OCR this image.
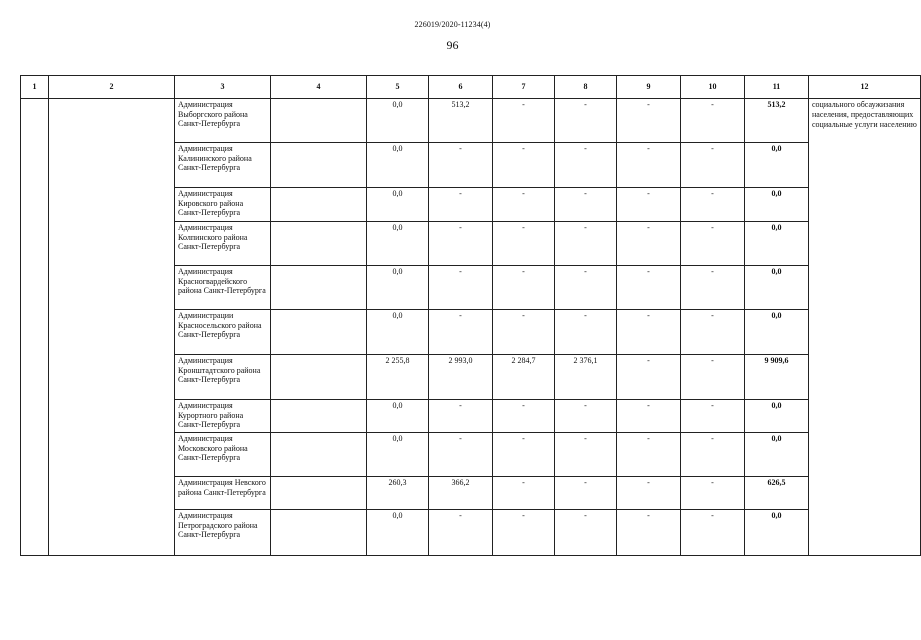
226019/2020-11234(4)
96
1	2	3	4	5	6	7	8	9	10	11	12
		Администрация Выборгского района Санкт-Петербурга		0,0	513,2	-	-	-	-	513,2	социального обсаужизания населения, предоставляющих социальные услуги населению
		Администрация Калининского района Санкт-Петербурга		0,0	-	-	-	-	-	0,0	
		Администрация Кировского района Санкт-Петербурга		0,0	-	-	-	-	-	0,0	
		Администрация Колпинского района Санкт-Петербурга		0,0	-	-	-	-	-	0,0	
		Администрация Красногвардейского района Санкт-Петербурга		0,0	-	-	-	-	-	0,0	
		Администрации Красносельского района Санкт-Петербурга		0,0	-	-	-	-	-	0,0	
		Администрация Кронштадтского района Санкт-Петербурга		2 255,8	2 993,0	2 284,7	2 376,1	-	-	9 909,6	
		Администрация Курортного района Санкт-Петербурга		0,0	-	-	-	-	-	0,0	
		Администрация Московского района Санкт-Петербурга		0,0	-	-	-	-	-	0,0	
		Администрация Невского района Санкт-Петербурга		260,3	366,2	-	-	-	-	626,5	
		Администрация Петроградского района Санкт-Петербурга		0,0	-	-	-	-	-	0,0	
